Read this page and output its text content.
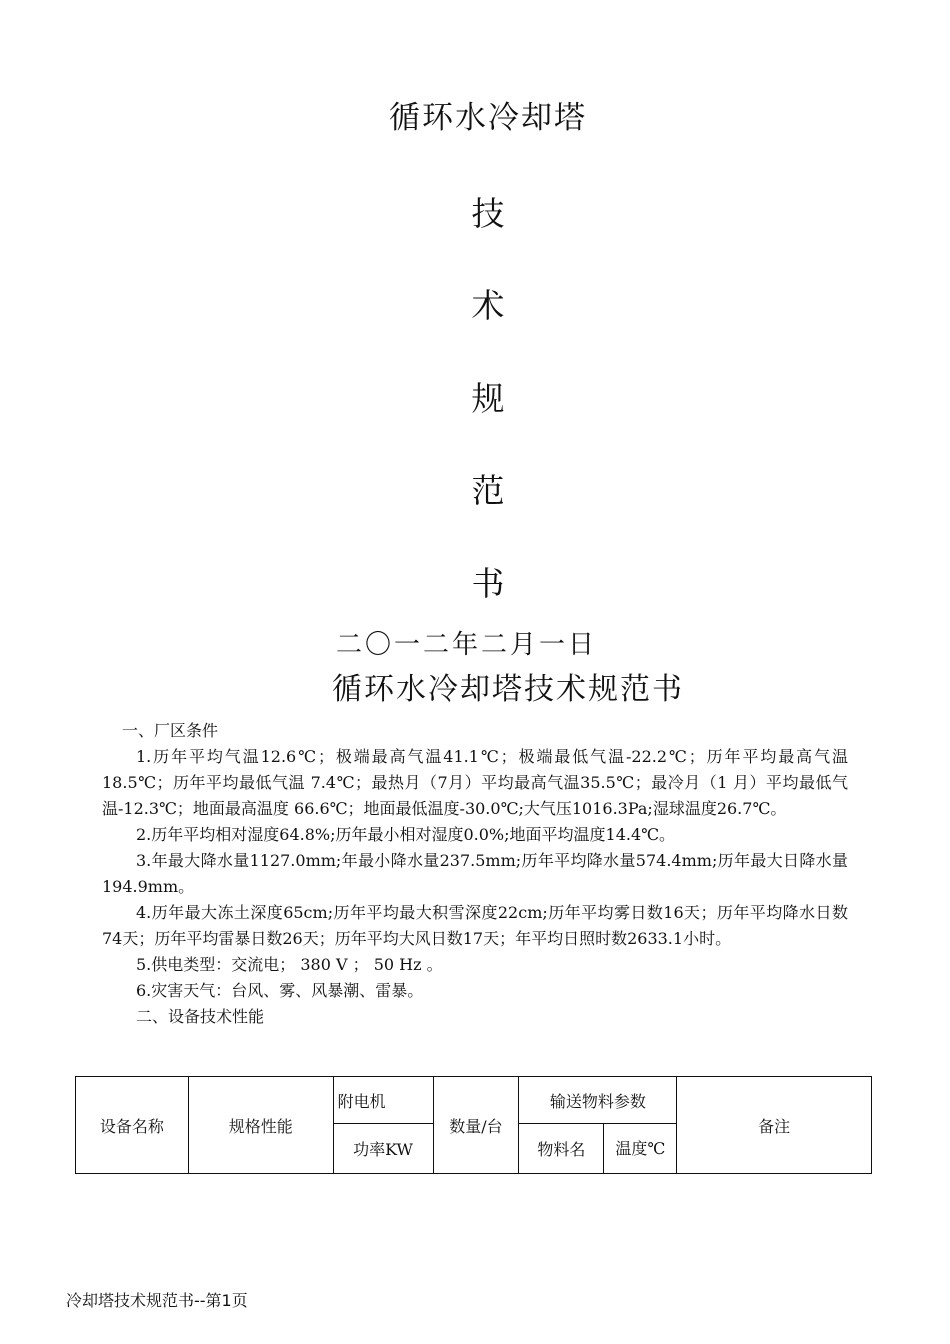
循环水冷却塔
技
术
规
范
书
二〇一二年二月一日
循环水冷却塔技术规范书

一、厂区条件

1.历年平均气温12.6℃；极端最高气温41.1℃；极端最低气温-22.2℃；历年平均最高气温18.5℃；历年平均最低气温 7.4℃；最热月（7月）平均最高气温35.5℃；最冷月（1 月）平均最低气温-12.3℃；地面最高温度 66.6℃；地面最低温度-30.0℃;大气压1016.3Pa;湿球温度26.7℃。

2.历年平均相对湿度64.8%;历年最小相对湿度0.0%;地面平均温度14.4℃。

3.年最大降水量1127.0mm;年最小降水量237.5mm;历年平均降水量574.4mm;历年最大日降水量194.9mm。

4.历年最大冻土深度65cm;历年平均最大积雪深度22cm;历年平均雾日数16天；历年平均降水日数74天；历年平均雷暴日数26天；历年平均大风日数17天；年平均日照时数2633.1小时。

5.供电类型：交流电； 380 V ； 50 Hz 。

6.灾害天气：台风、雾、风暴潮、雷暴。

二、设备技术性能

设备名称	规格性能	附电机	数量/台	输送物料参数		备注
		功率KW		物料名	温度℃	
冷却塔技术规范书--第1页
